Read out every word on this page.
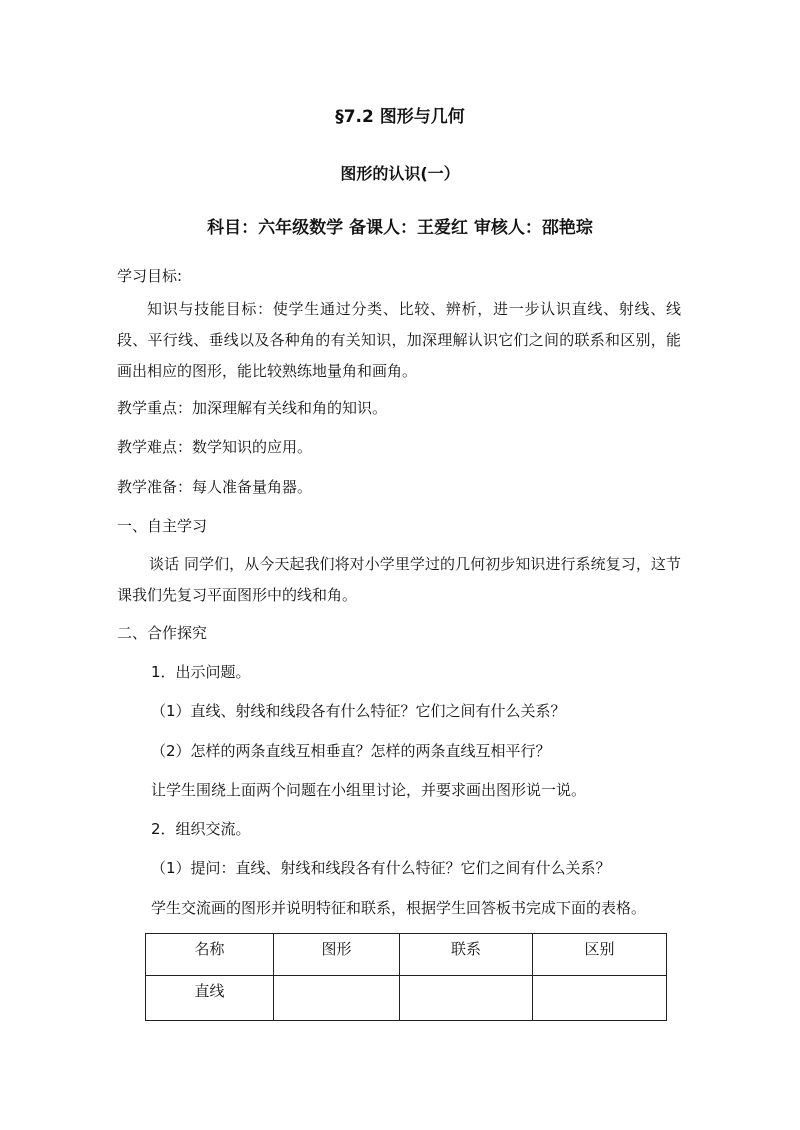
§7.2 图形与几何
图形的认识(一）
科目：六年级数学 备课人：王爱红 审核人：邵艳琮
学习目标:
知识与技能目标：使学生通过分类、比较、辨析，进一步认识直线、射线、线段、平行线、垂线以及各种角的有关知识，加深理解认识它们之间的联系和区别，能画出相应的图形，能比较熟练地量角和画角。
教学重点：加深理解有关线和角的知识。
教学难点：数学知识的应用。
教学准备：每人准备量角器。
一、自主学习
谈话 同学们，从今天起我们将对小学里学过的几何初步知识进行系统复习，这节课我们先复习平面图形中的线和角。
二、合作探究
1．出示问题。
（1）直线、射线和线段各有什么特征？它们之间有什么关系？
（2）怎样的两条直线互相垂直？怎样的两条直线互相平行？
让学生围绕上面两个问题在小组里讨论，并要求画出图形说一说。
2．组织交流。
（1）提问：直线、射线和线段各有什么特征？它们之间有什么关系？
学生交流画的图形并说明特征和联系，根据学生回答板书完成下面的表格。
名称	图形	联系	区别
直线			
